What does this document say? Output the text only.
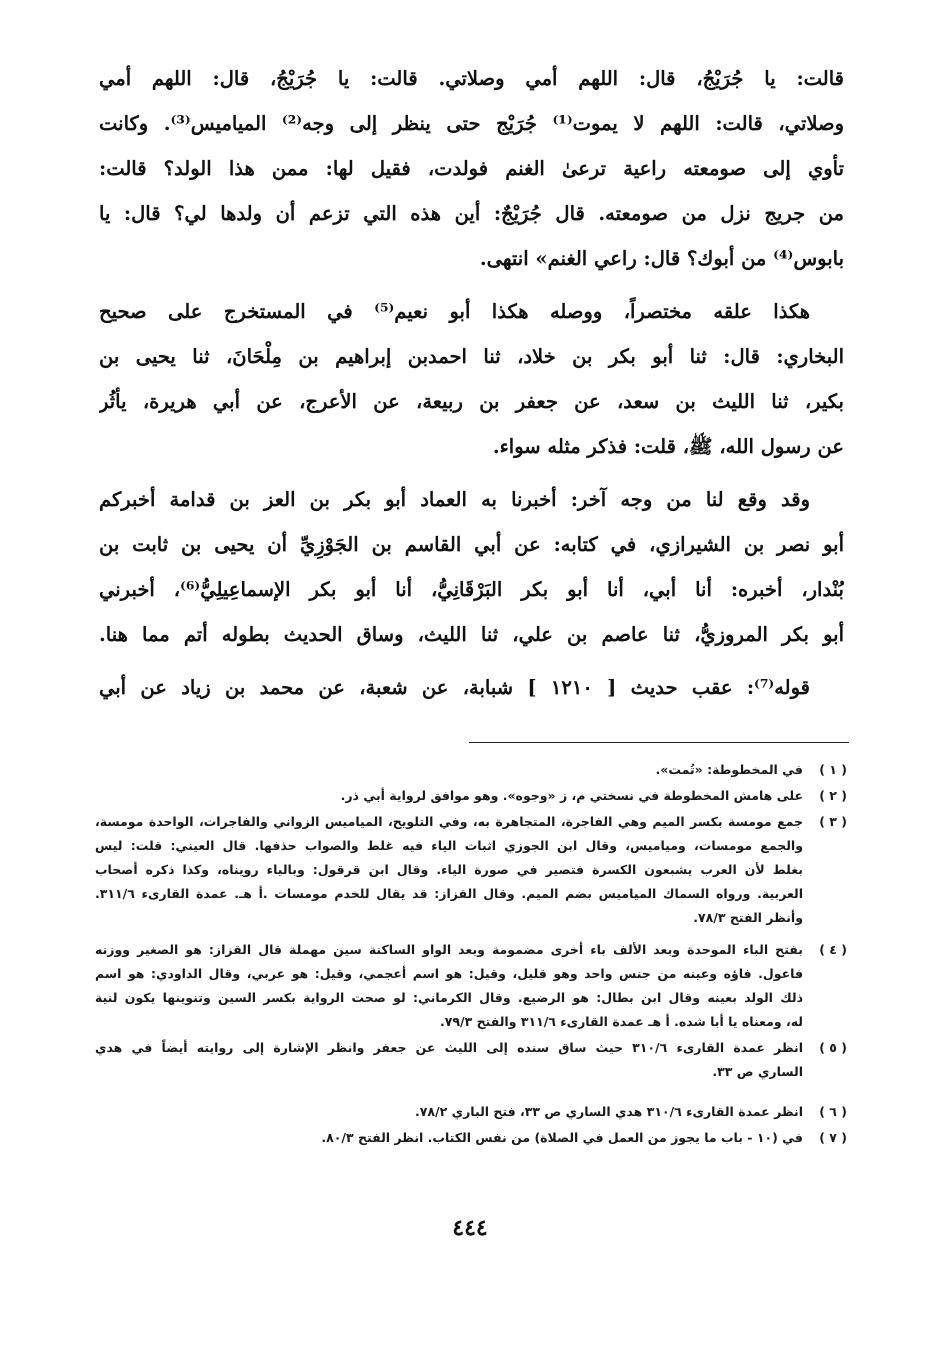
قالت: يا جُرَيْجُ، قال: اللهم أمي وصلاتي. قالت: يا جُرَيْجُ، قال: اللهم أمي
وصلاتي، قالت: اللهم لا يموت⁽¹⁾ جُرَيْج حتى ينظر إلى وجه⁽²⁾ المياميس⁽³⁾. وكانت
تأوي إلى صومعته راعية ترعىٰ الغنم فولدت، فقيل لها: ممن هذا الولد؟ قالت:
من جريج نزل من صومعته. قال جُرَيْجٌ: أين هذه التي تزعم أن ولدها لي؟ قال: يا
بابوس⁽⁴⁾ من أبوك؟ قال: راعي الغنم» انتهى.

هكذا علقه مختصراً، ووصله هكذا أبو نعيم⁽⁵⁾ في المستخرج على صحيح
البخاري: قال: ثنا أبو بكر بن خلاد، ثنا احمدبن إبراهيم بن مِلْحَانَ، ثنا يحيى بن
بكير، ثنا الليث بن سعد، عن جعفر بن ربيعة، عن الأعرج، عن أبي هريرة، يأثُر
عن رسول الله، ﷺ، قلت: فذكر مثله سواء.

وقد وقع لنا من وجه آخر: أخبرنا به العماد أبو بكر بن العز بن قدامة أخبركم
أبو نصر بن الشيرازي، في كتابه: عن أبي القاسم بن الجَوْزِيِّ أن يحيى بن ثابت بن
بُنْدار، أخبره: أنا أبي، أنا أبو بكر البَرْقَانِيُّ، أنا أبو بكر الإسماعِيلِيُّ⁽⁶⁾، أخبرني
أبو بكر المروزيُّ، ثنا عاصم بن علي، ثنا الليث، وساق الحديث بطوله أتم مما هنا.

قوله⁽⁷⁾: عقب حديث [ ١٢١٠ ] شبابة، عن شعبة، عن محمد بن زياد عن أبي

( ١ )
في المخطوطة: «تُمت».
( ٢ )
على هامش المخطوطة في نسختي م، ز «وجوه». وهو موافق لرواية أبي ذر.
( ٣ )
جمع مومسة بكسر الميم وهي الفاجرة، المتجاهرة به، وفي التلويح، المياميس الزواني والفاجرات، الواحدة مومسة،
والجمع مومسات، ومياميس، وقال ابن الجوزي اثبات الياء فيه غلط والصواب حذفها. قال العيني: قلت: ليس
بغلط لأن العرب يشبعون الكسرة فتصير في صورة الياء. وقال ابن قرقول: وبالياء رويناه، وكذا ذكره أصحاب
العربية. ورواه السماك المياميس بضم الميم. وقال القزاز: قد يقال للخدم مومسات .أ هـ. عمدة القارىء ٣١١/٦.
وأنظر الفتح ٧٨/٣.
( ٤ )
بفتح الباء الموحدة وبعد الألف باء أخرى مضمومة وبعد الواو الساكنة سين مهملة قال القزاز: هو الصغير ووزنه
فاعول. فاؤه وعينه من جنس واحد وهو قليل، وقيل: هو اسم أعجمي، وقيل: هو عربي، وقال الداودي: هو اسم
ذلك الولد بعينه وقال ابن بطال: هو الرضيع. وقال الكرماني: لو صحت الرواية بكسر السين وتنوينها يكون لنية
له، ومعناه يا أبا شده. أ هـ عمدة القارىء ٣١١/٦ والفتح ٧٩/٣.
( ٥ )
انظر عمدة القارىء ٣١٠/٦ حيث ساق سنده إلى الليث عن جعفر وانظر الإشارة إلى روايته أيضاً في هدي
الساري ص ٣٣.
( ٦ )
انظر عمدة القارىء ٣١٠/٦ هدي الساري ص ٣٣، فتح الباري ٧٨/٢.
( ٧ )
في (١٠ - باب ما يجوز من العمل في الصلاة) من نفس الكتاب. انظر الفتح ٨٠/٣.
٤٤٤
